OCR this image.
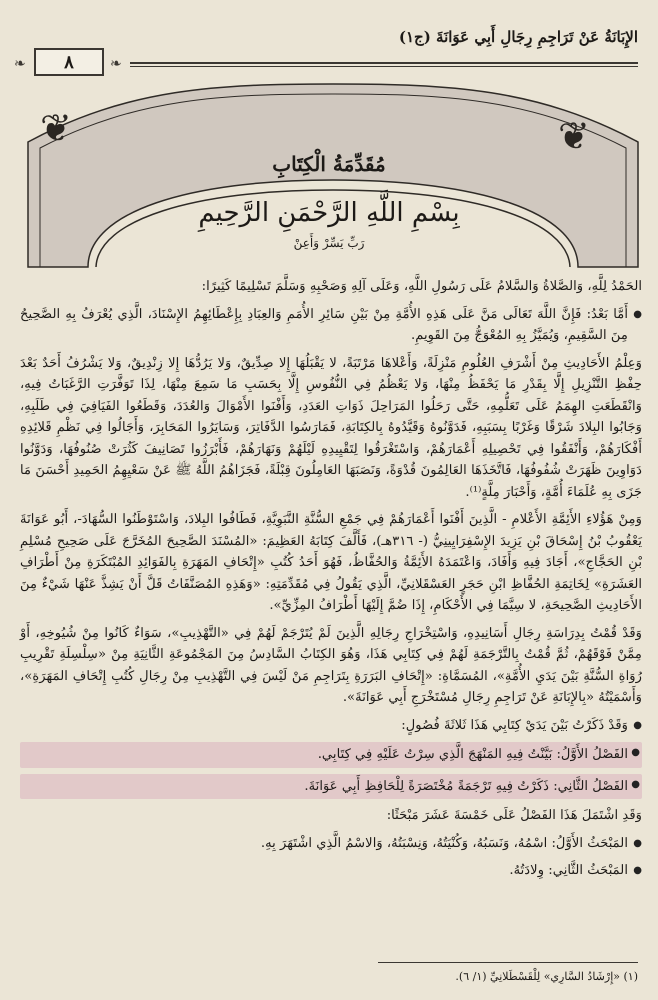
الإِبَانَةُ عَنْ تَرَاجِمِ رِجَالِ أَبِي عَوَانَةَ (ج١)
❧	٨	❧
❦	❦
مُقَدِّمَةُ الْكِتَابِ
بِسْمِ اللَّهِ الرَّحْمَنِ الرَّحِيمِ
رَبِّ يَسِّرْ وَأَعِنْ

الحَمْدُ لِلَّهِ، وَالصَّلاةُ وَالسَّلامُ عَلَى رَسُولِ اللَّهِ، وَعَلَى آلِهِ وَصَحْبِهِ وَسَلَّمَ تَسْلِيمًا كَثِيرًا:

● أَمَّا بَعْدُ: فَإِنَّ اللَّهَ تَعَالَى مَنَّ عَلَى هَذِهِ الأُمَّةِ مِنْ بَيْنِ سَائِرِ الأُمَمِ وَالعِبَادِ بِإِعْطَائِهِمُ الإِسْنَادَ، الَّذِي يُعْرَفُ بِهِ الصَّحِيحُ مِنَ السَّقِيمِ، وَيُمَيَّزُ بِهِ المُعْوَجُّ مِنَ القَوِيمِ.

وَعِلْمُ الأَحَادِيثِ مِنْ أَشْرَفِ العُلُومِ مَنْزِلَةً، وَأَعْلاهَا مَرْتَبَةً، لا يَقْبَلُهَا إِلا صِدِّيقٌ، وَلا يَرُدُّهَا إِلا زِنْدِيقٌ، وَلا يَشْرُفُ أَحَدٌ بَعْدَ حِفْظِ التَّنْزِيلِ إِلَّا بِقَدْرِ مَا يَحْفَظُ مِنْهَا، وَلا يَعْظُمُ فِي النُّفُوسِ إِلَّا بِحَسَبِ مَا سَمِعَ مِنْهَا، لِذَا تَوَفَّرَتِ الرَّغَبَاتُ فِيهِ، وَانْقَطَعَتِ الهِمَمُ عَلَى تَعَلُّمِهِ، حَتَّى رَحَلُوا المَرَاحِلَ ذَوَاتِ العَدَدِ، وَأَفْنَوا الأَمْوَالَ وَالعُدَدَ، وَقَطَعُوا الفَيَافِيَ فِي طَلَبِهِ، وَجَابُوا البِلادَ شَرْقًا وَغَرْبًا بِسَبَبِهِ، فَدَوَّنُوهُ وَقَيَّدُوهُ بِالكِتَابَةِ، فَمَارَسُوا الدَّفَاتِرَ، وَسَايَرُوا المَحَابِرَ، وَأَجَالُوا فِي نَظْمِ قَلائِدِهِ أَفْكَارَهُمْ، وَأَنْفَقُوا فِي تَحْصِيلِهِ أَعْمَارَهُمْ، وَاسْتَغْرَقُوا لِتَقْيِيدِهِ لَيْلَهُمْ وَنَهَارَهُمْ، فَأَبْرَزُوا تَصَانِيفَ كَثُرَتْ صُنُوفُهَا، وَدَوَّنُوا دَوَاوِينَ ظَهَرَتْ شُفُوفُهَا، فَاتَّخَذَهَا العَالِمُونَ قُدْوَةً، وَنَصَبَهَا العَامِلُونَ قِبْلَةً، فَجَزَاهُمُ اللَّهُ ﷺ عَنْ سَعْيِهِمُ الحَمِيدِ أَحْسَنَ مَا جَزَى بِهِ عُلَمَاءَ أُمَّةٍ، وَأَحْبَارَ مِلَّةٍ⁽¹⁾.

وَمِنْ هَؤُلاءِ الأَئِمَّةِ الأَعْلامِ - الَّذِينَ أَفْنَوا أَعْمَارَهُمْ فِي جَمْعِ السُّنَّةِ النَّبَوِيَّةِ، فَطَافُوا البِلادَ، وَاسْتَوْطَنُوا السُّهَادَ-، أَبُو عَوَانَةَ يَعْقُوبُ بْنُ إِسْحَاقَ بْنِ يَزِيدَ الإِسْفِرَايِينِيُّ (- ٣١٦هـ)، فَأَلَّفَ كِتَابَهُ العَظِيمَ: «المُسْنَدَ الصَّحِيحَ المُخَرَّجَ عَلَى صَحِيحِ مُسْلِمِ بْنِ الحَجَّاجِ»، أَجَادَ فِيهِ وَأَفَادَ، وَاعْتَمَدَهُ الأَئِمَّةُ وَالحُفَّاظُ، فَهُوَ أَحَدُ كُتُبِ «إِتْحَافِ المَهَرَةِ بِالفَوَائِدِ المُبْتَكَرَةِ مِنْ أَطْرَافِ العَشَرَةِ» لِخَاتِمَةِ الحُفَّاظِ ابْنِ حَجَرٍ العَسْقَلانِيِّ، الَّذِي يَقُولُ فِي مُقَدِّمَتِهِ: «وَهَذِهِ المُصَنَّفَاتُ قَلَّ أَنْ يَشِذَّ عَنْهَا شَيْءٌ مِنَ الأَحَادِيثِ الصَّحِيحَةِ، لا سِيَّمَا فِي الأَحْكَامِ، إِذَا ضُمَّ إِلَيْهَا أَطْرَافُ المِزِّيِّ».

وَقَدْ قُمْتُ بِدِرَاسَةِ رِجَالِ أَسَانِيدِهِ، وَاسْتِخْرَاجِ رِجَالِهِ الَّذِينَ لَمْ يُتَرْجَمْ لَهُمْ فِي «التَّهْذِيبِ»، سَوَاءٌ كَانُوا مِنْ شُيُوخِهِ، أَوْ مِمَّنْ فَوْقَهُمْ، ثُمَّ قُمْتُ بِالتَّرْجَمَةِ لَهُمْ فِي كِتَابِي هَذَا، وَهُوَ الكِتَابُ السَّادِسُ مِنَ المَجْمُوعَةِ الثَّانِيَةِ مِنْ «سِلْسِلَةِ تَقْرِيبِ رُوَاةِ السُّنَّةِ بَيْنَ يَدَيِ الأُمَّةِ»، المُسَمَّاةِ: «إِتْحَافِ البَرَرَةِ بِتَرَاجِمِ مَنْ لَيْسَ فِي التَّهْذِيبِ مِنْ رِجَالِ كُتُبِ إِتْحَافِ المَهَرَةِ»، وَأَسْمَيْتُهُ «بِالإِبَانَةِ عَنْ تَرَاجِمِ رِجَالِ مُسْتَخْرَجِ أَبِي عَوَانَةَ».

● وَقَدْ ذَكَرْتُ بَيْنَ يَدَيْ كِتَابِي هَذَا ثَلاثَةَ فُصُولٍ:

● الفَصْلُ الأَوَّلُ: بَيَّنْتُ فِيهِ المَنْهَجَ الَّذِي سِرْتُ عَلَيْهِ فِي كِتَابِي.

● الفَصْلُ الثَّانِي: ذَكَرْتُ فِيهِ تَرْجَمَةً مُخْتَصَرَةً لِلْحَافِظِ أَبِي عَوَانَةَ.

وَقَدِ اشْتَمَلَ هَذَا الفَصْلُ عَلَى خَمْسَةَ عَشَرَ مَبْحَثًا:

● المَبْحَثُ الأَوَّلُ: اسْمُهُ، وَنَسَبُهُ، وَكُنْيَتُهُ، وَنِسْبَتُهُ، وَالاسْمُ الَّذِي اشْتَهَرَ بِهِ.

● المَبْحَثُ الثَّانِي: وِلادَتُهُ.

(١) «إِرْشَادُ السَّارِي» لِلْقَسْطَلانِيِّ (١/ ٦).
